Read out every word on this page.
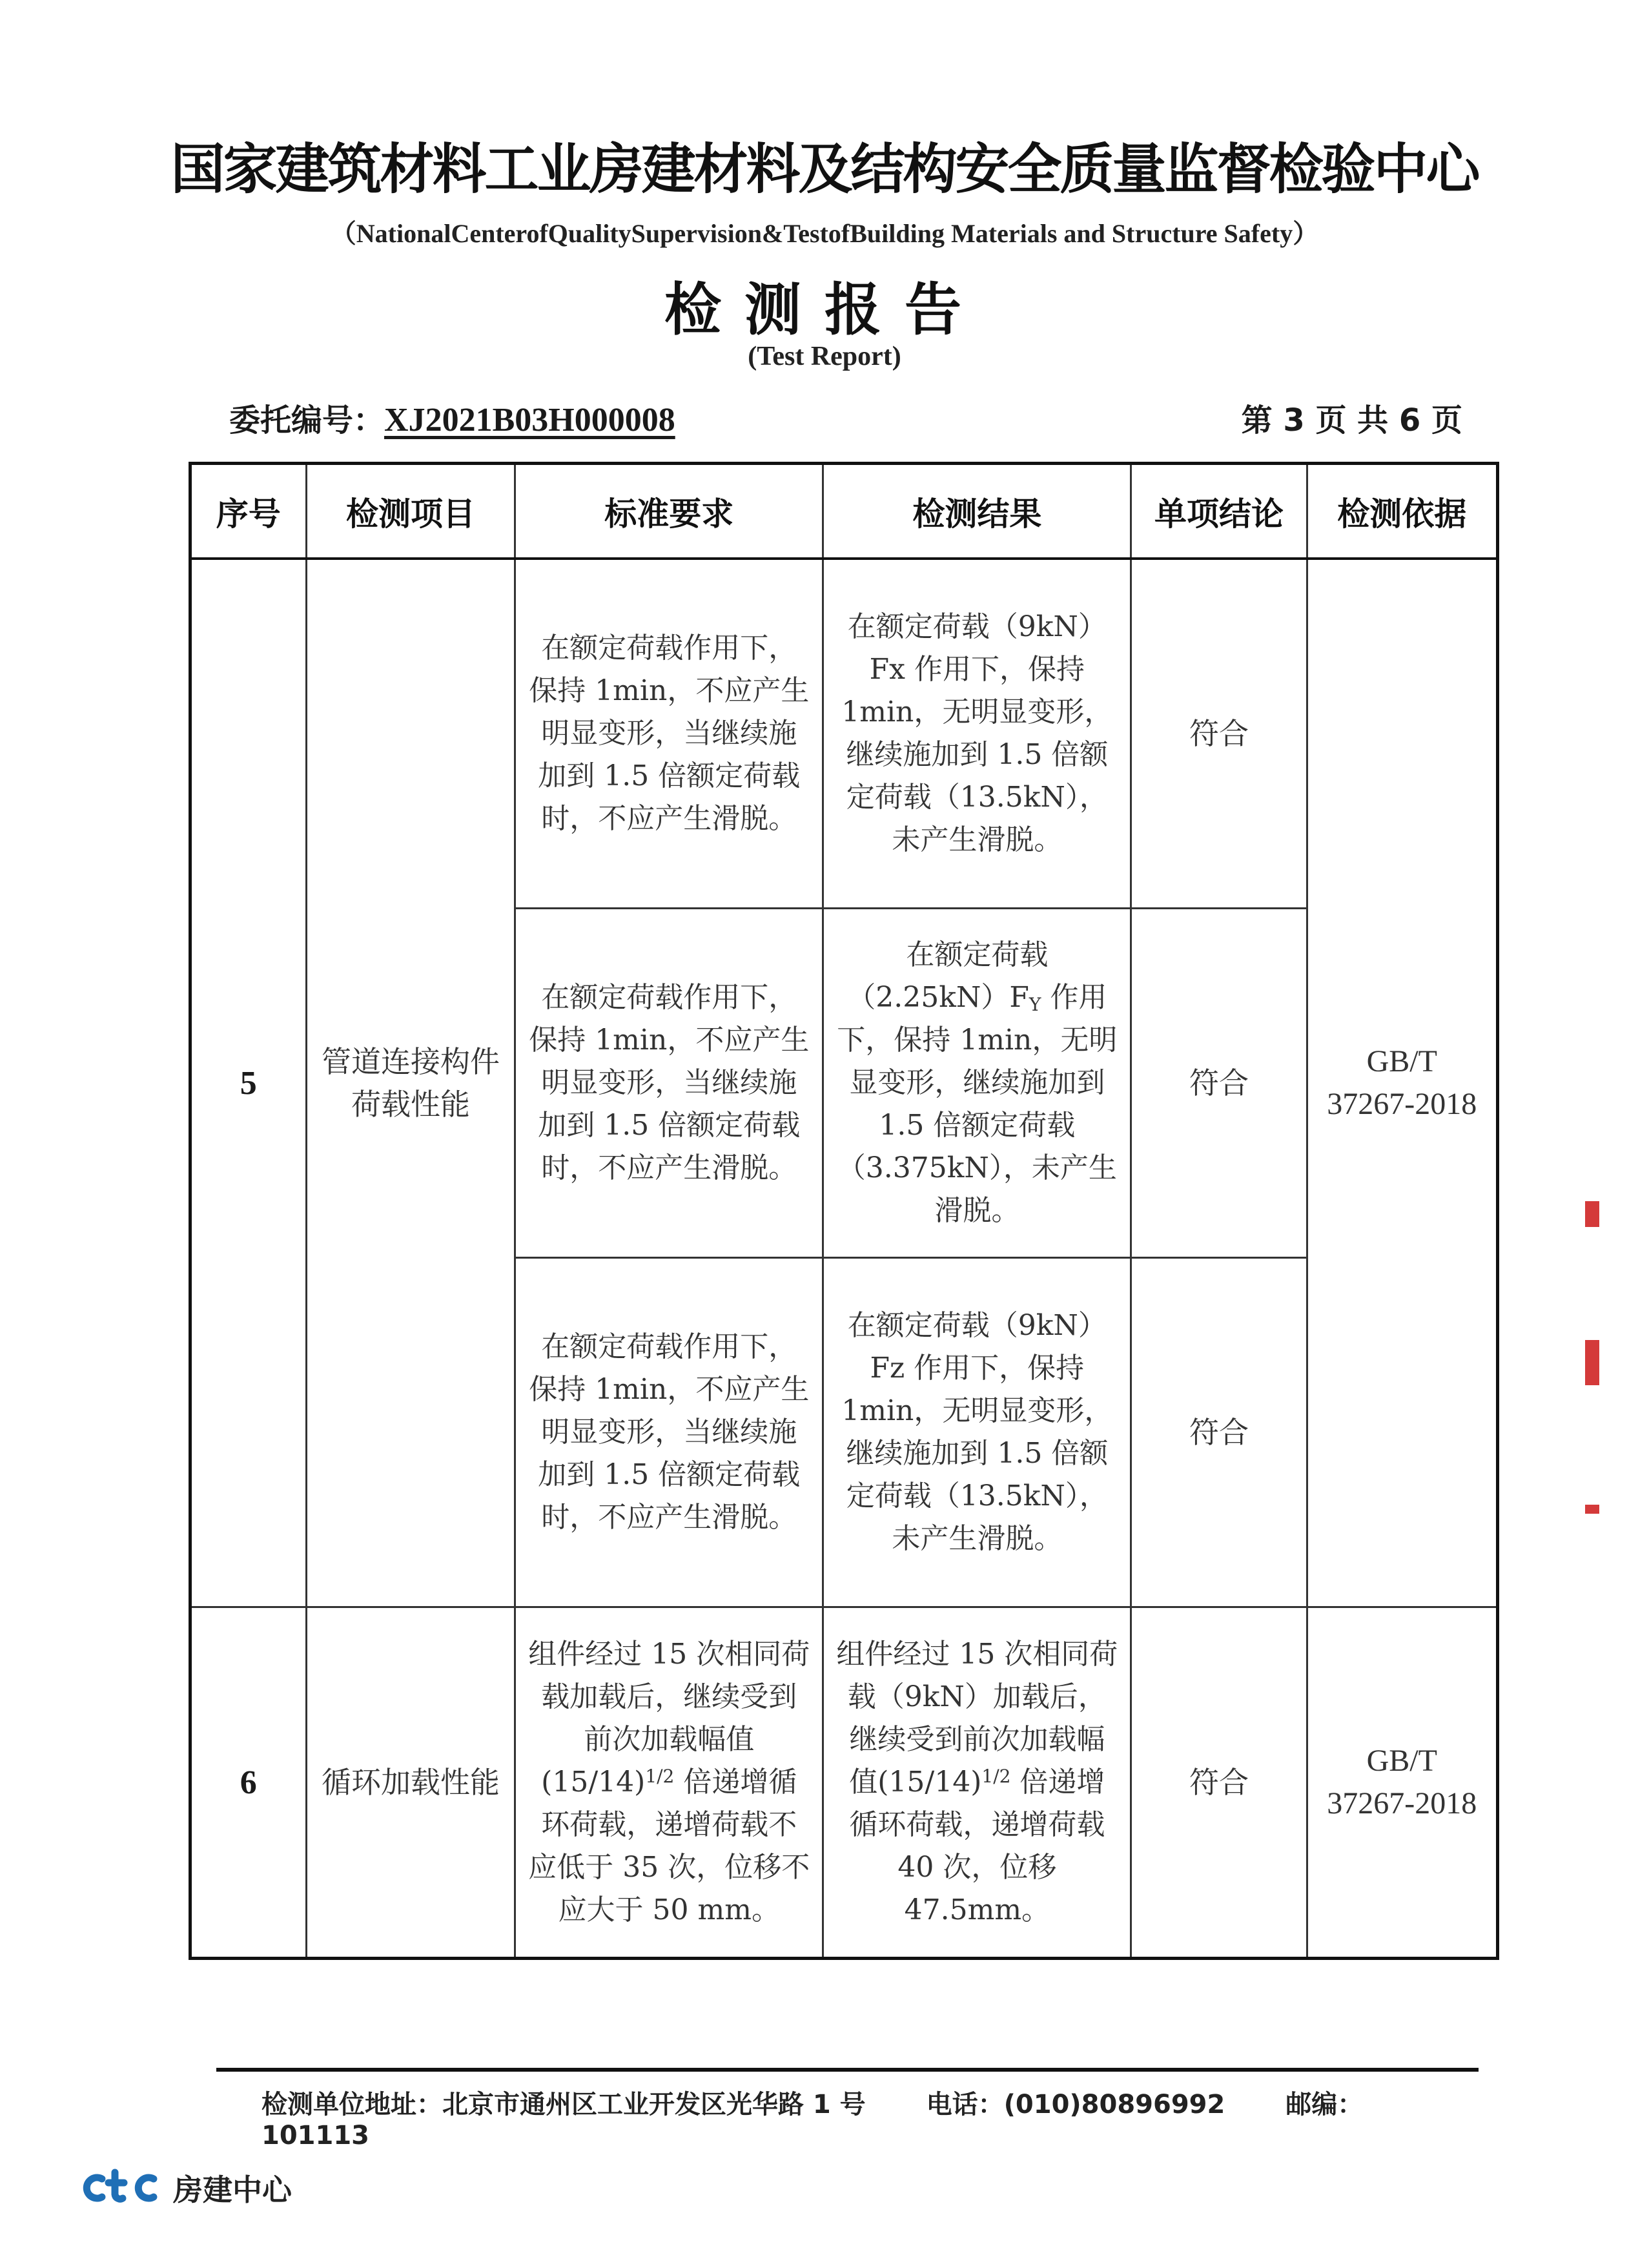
国家建筑材料工业房建材料及结构安全质量监督检验中心
（NationalCenterofQualitySupervision&TestofBuilding Materials and Structure Safety）
检测报告
(Test Report)
委托编号：XJ2021B03H000008	第 3 页 共 6 页
序号	检测项目	标准要求	检测结果	单项结论	检测依据
5	管道连接构件荷载性能	在额定荷载作用下，保持 1min，不应产生明显变形，当继续施加到 1.5 倍额定荷载时，不应产生滑脱。	在额定荷载（9kN）Fx 作用下，保持 1min，无明显变形，继续施加到 1.5 倍额定荷载（13.5kN），未产生滑脱。	符合	GB/T 37267-2018
		在额定荷载作用下，保持 1min，不应产生明显变形，当继续施加到 1.5 倍额定荷载时，不应产生滑脱。	在额定荷载$(2.25kN)F_Y$ 作用下，保持 1min，无明显变形，继续施加到 1.5 倍额定荷载（3.375kN），未产生滑脱。	符合	
		在额定荷载作用下，保持 1min，不应产生明显变形，当继续施加到 1.5 倍额定荷载时，不应产生滑脱。	在额定荷载（9kN）Fz 作用下，保持 1min，无明显变形，继续施加到 1.5 倍额定荷载（13.5kN），未产生滑脱。	符合	
6	循环加载性能	组件经过 15 次相同荷载加载后，继续受到前次加载幅值$(15/14)^{1/2}$ 倍递增循环荷载，递增荷载不应低于 35 次，位移不应大于 50 mm。	组件经过 15 次相同荷载（9kN）加载后，继续受到前次加载幅值$(15/14)^{1/2}$ 倍递增循环荷载，递增荷载 40 次，位移 47.5mm。	符合	GB/T 37267-2018
检测单位地址：北京市通州区工业开发区光华路 1 号 电话：(010)80896992 邮编：101113
房建中心
